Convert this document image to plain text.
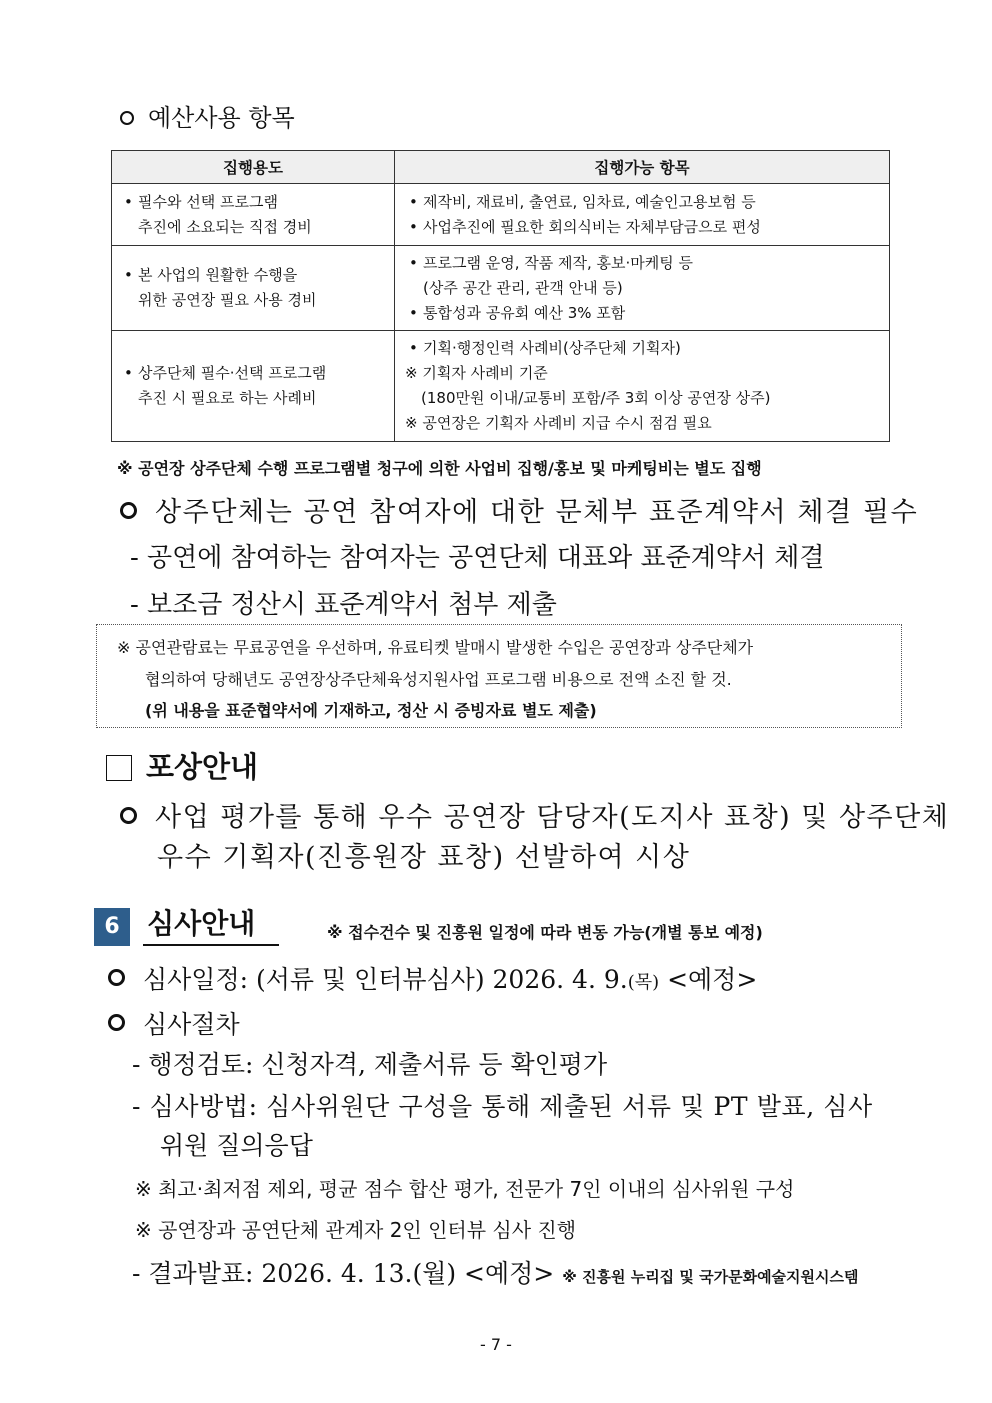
예산사용 항목
집행용도	집행가능 항목

• 필수와 선택 프로그램
추진에 소요되는 직접 경비	• 제작비, 재료비, 출연료, 임차료, 예술인고용보험 등
• 사업추진에 필요한 회의식비는 자체부담금으로 편성

• 본 사업의 원활한 수행을
위한 공연장 필요 사용 경비	• 프로그램 운영, 작품 제작, 홍보·마케팅 등
(상주 공간 관리, 관객 안내 등)
• 통합성과 공유회 예산 3% 포함

• 상주단체 필수·선택 프로그램
추진 시 필요로 하는 사례비	• 기획·행정인력 사례비(상주단체 기획자)
※ 기획자 사례비 기준
(180만원 이내/교통비 포함/주 3회 이상 공연장 상주)
※ 공연장은 기획자 사례비 지급 수시 점검 필요
※ 공연장 상주단체 수행 프로그램별 청구에 의한 사업비 집행/홍보 및 마케팅비는 별도 집행
상주단체는 공연 참여자에 대한 문체부 표준계약서 체결 필수
- 공연에 참여하는 참여자는 공연단체 대표와 표준계약서 체결
- 보조금 정산시 표준계약서 첨부 제출
※ 공연관람료는 무료공연을 우선하며, 유료티켓 발매시 발생한 수입은 공연장과 상주단체가
협의하여 당해년도 공연장상주단체육성지원사업 프로그램 비용으로 전액 소진 할 것.
(위 내용을 표준협약서에 기재하고, 정산 시 증빙자료 별도 제출)
포상안내
사업 평가를 통해 우수 공연장 담당자(도지사 표창) 및 상주단체
우수 기획자(진흥원장 표창) 선발하여 시상
6 심사안내	※ 접수건수 및 진흥원 일정에 따라 변동 가능(개별 통보 예정)
심사일정: (서류 및 인터뷰심사) 2026. 4. 9.(목) <예정>
심사절차
- 행정검토: 신청자격, 제출서류 등 확인평가
- 심사방법: 심사위원단 구성을 통해 제출된 서류 및 PT 발표, 심사
위원 질의응답
※ 최고·최저점 제외, 평균 점수 합산 평가, 전문가 7인 이내의 심사위원 구성
※ 공연장과 공연단체 관계자 2인 인터뷰 심사 진행
- 결과발표: 2026. 4. 13.(월) <예정> ※ 진흥원 누리집 및 국가문화예술지원시스템
- 7 -
